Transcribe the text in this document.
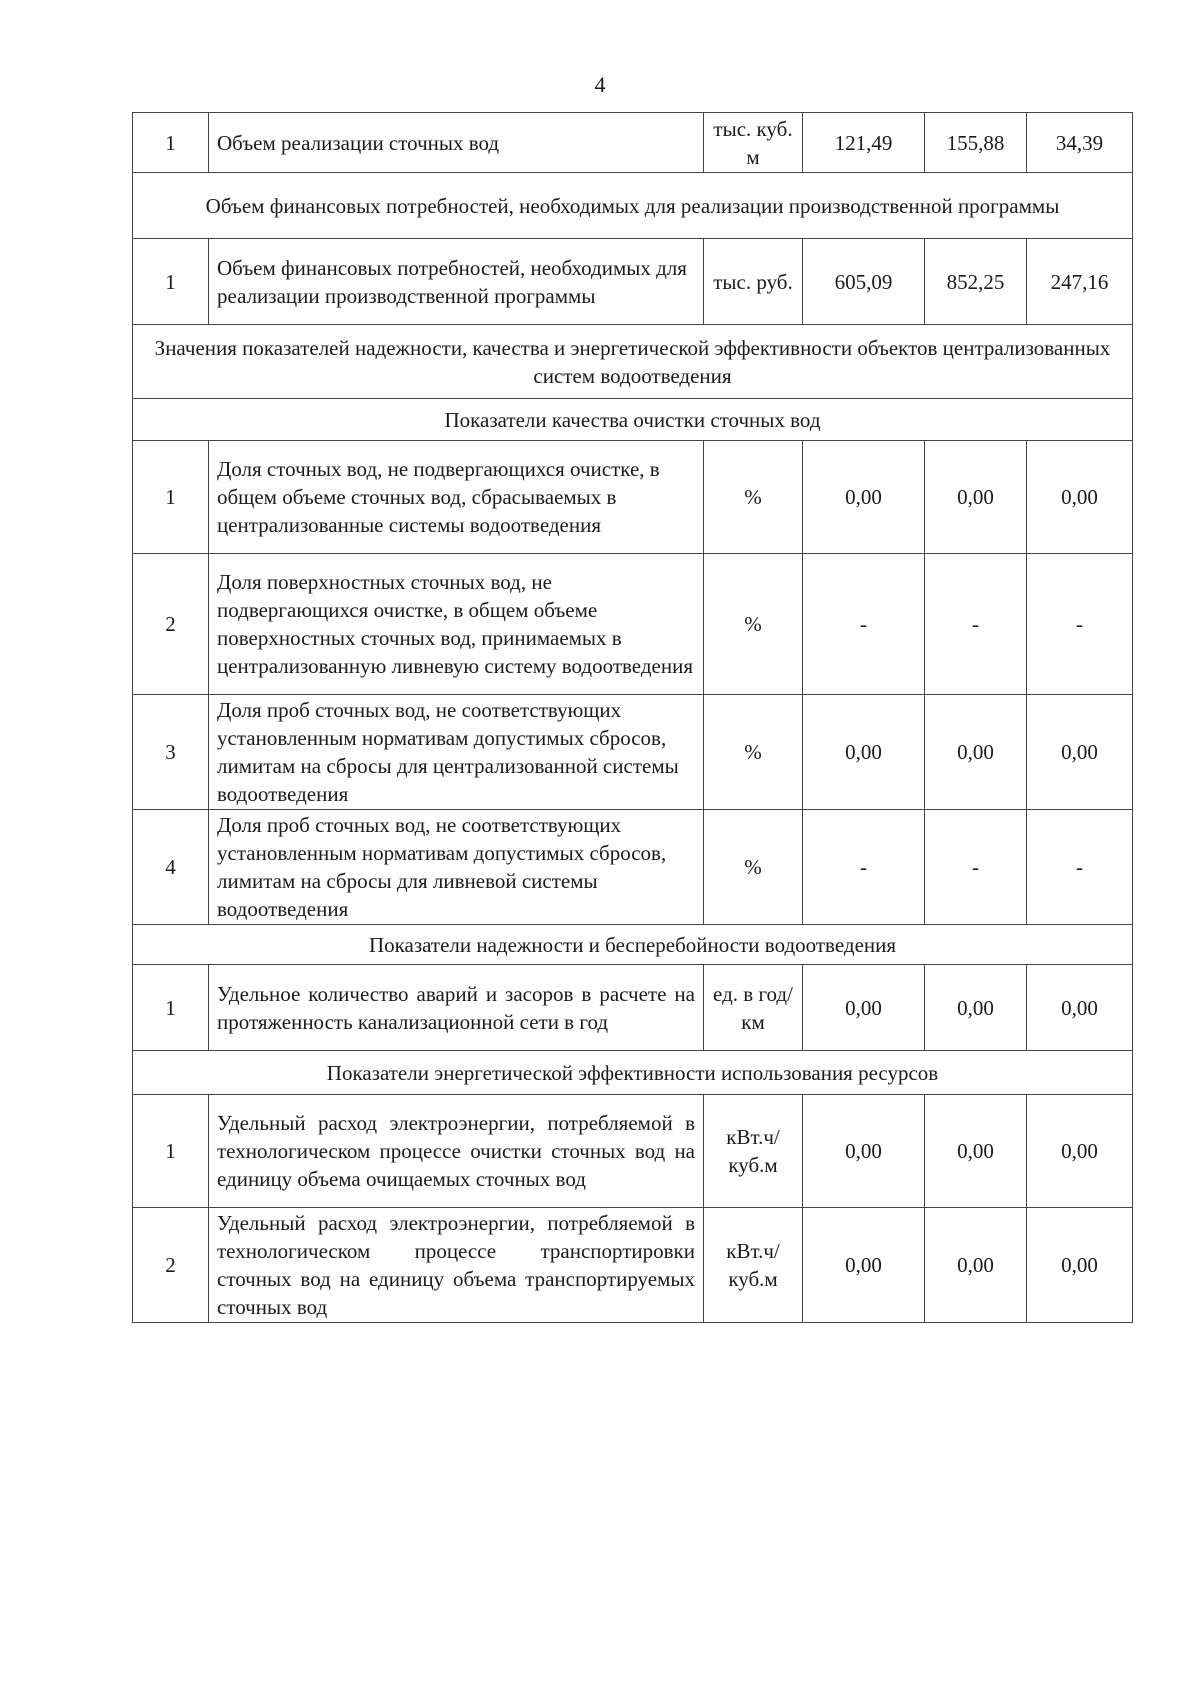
4
1	Объем реализации сточных вод	тыс. куб. м	121,49	155,88	34,39
Объем финансовых потребностей, необходимых для реализации производственной программы					
1	Объем финансовых потребностей, необходимых для реализации производственной программы	тыс. руб.	605,09	852,25	247,16
Значения показателей надежности, качества и энергетической эффективности объектов централизованных систем водоотведения					
Показатели качества очистки сточных вод					
1	Доля сточных вод, не подвергающихся очистке, в общем объеме сточных вод, сбрасываемых в централизованные системы водоотведения	%	0,00	0,00	0,00
2	Доля поверхностных сточных вод, не подвергающихся очистке, в общем объеме поверхностных сточных вод, принимаемых в централизованную ливневую систему водоотведения	%	-	-	-
3	Доля проб сточных вод, не соответствующих установленным нормативам допустимых сбросов, лимитам на сбросы для централизованной системы водоотведения	%	0,00	0,00	0,00
4	Доля проб сточных вод, не соответствующих установленным нормативам допустимых сбросов, лимитам на сбросы для ливневой системы водоотведения	%	-	-	-
Показатели надежности и бесперебойности водоотведения					
1	Удельное количество аварий и засоров в расчете на протяженность канализационной сети в год	ед. в год/ км	0,00	0,00	0,00
Показатели энергетической эффективности использования ресурсов					
1	Удельный расход электроэнергии, потребляемой в технологическом процессе очистки сточных вод на единицу объема очищаемых сточных вод	кВт.ч/ куб.м	0,00	0,00	0,00
2	Удельный расход электроэнергии, потребляемой в технологическом процессе транспортировки сточных вод на единицу объема транспортируемых сточных вод	кВт.ч/ куб.м	0,00	0,00	0,00
